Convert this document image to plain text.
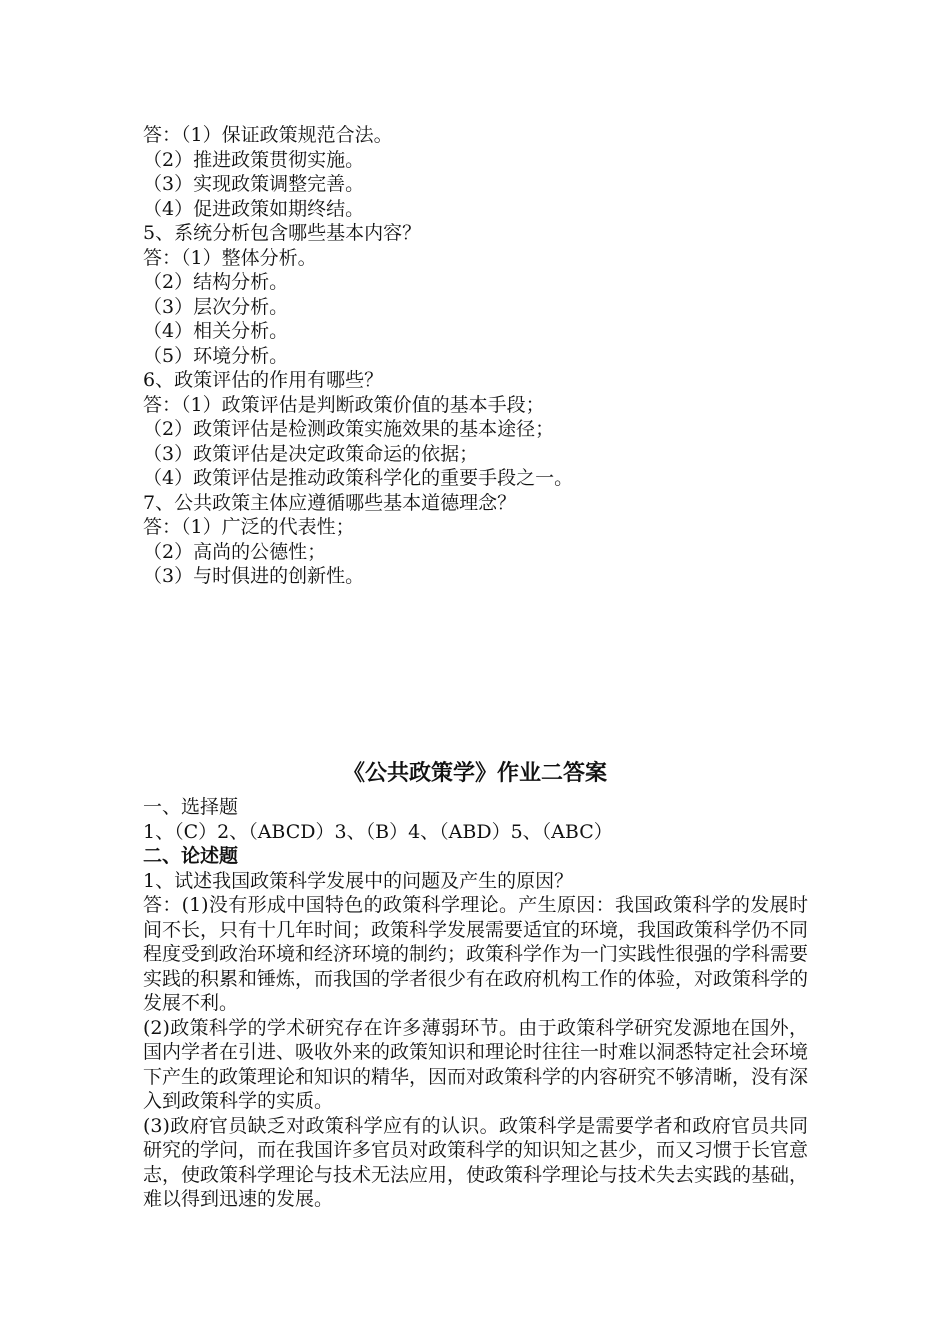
答：（1）保证政策规范合法。
（2）推进政策贯彻实施。
（3）实现政策调整完善。
（4）促进政策如期终结。
5、系统分析包含哪些基本内容？
答：（1）整体分析。
（2）结构分析。
（3）层次分析。
（4）相关分析。
（5）环境分析。
6、政策评估的作用有哪些？
答：（1）政策评估是判断政策价值的基本手段；
（2）政策评估是检测政策实施效果的基本途径；
（3）政策评估是决定政策命运的依据；
（4）政策评估是推动政策科学化的重要手段之一。
7、公共政策主体应遵循哪些基本道德理念？
答：（1）广泛的代表性；
（2）高尚的公德性；
（3）与时俱进的创新性。
《公共政策学》作业二答案
一、选择题
1、（C）2、（ABCD）3、（B）4、（ABD）5、（ABC）
二、论述题
1、试述我国政策科学发展中的问题及产生的原因？
答：(1)没有形成中国特色的政策科学理论。产生原因：我国政策科学的发展时间不长，只有十几年时间；政策科学发展需要适宜的环境，我国政策科学仍不同程度受到政治环境和经济环境的制约；政策科学作为一门实践性很强的学科需要实践的积累和锤炼，而我国的学者很少有在政府机构工作的体验，对政策科学的发展不利。
(2)政策科学的学术研究存在许多薄弱环节。由于政策科学研究发源地在国外，国内学者在引进、吸收外来的政策知识和理论时往往一时难以洞悉特定社会环境下产生的政策理论和知识的精华，因而对政策科学的内容研究不够清晰，没有深入到政策科学的实质。
(3)政府官员缺乏对政策科学应有的认识。政策科学是需要学者和政府官员共同研究的学问，而在我国许多官员对政策科学的知识知之甚少，而又习惯于长官意志，使政策科学理论与技术无法应用，使政策科学理论与技术失去实践的基础，难以得到迅速的发展。
